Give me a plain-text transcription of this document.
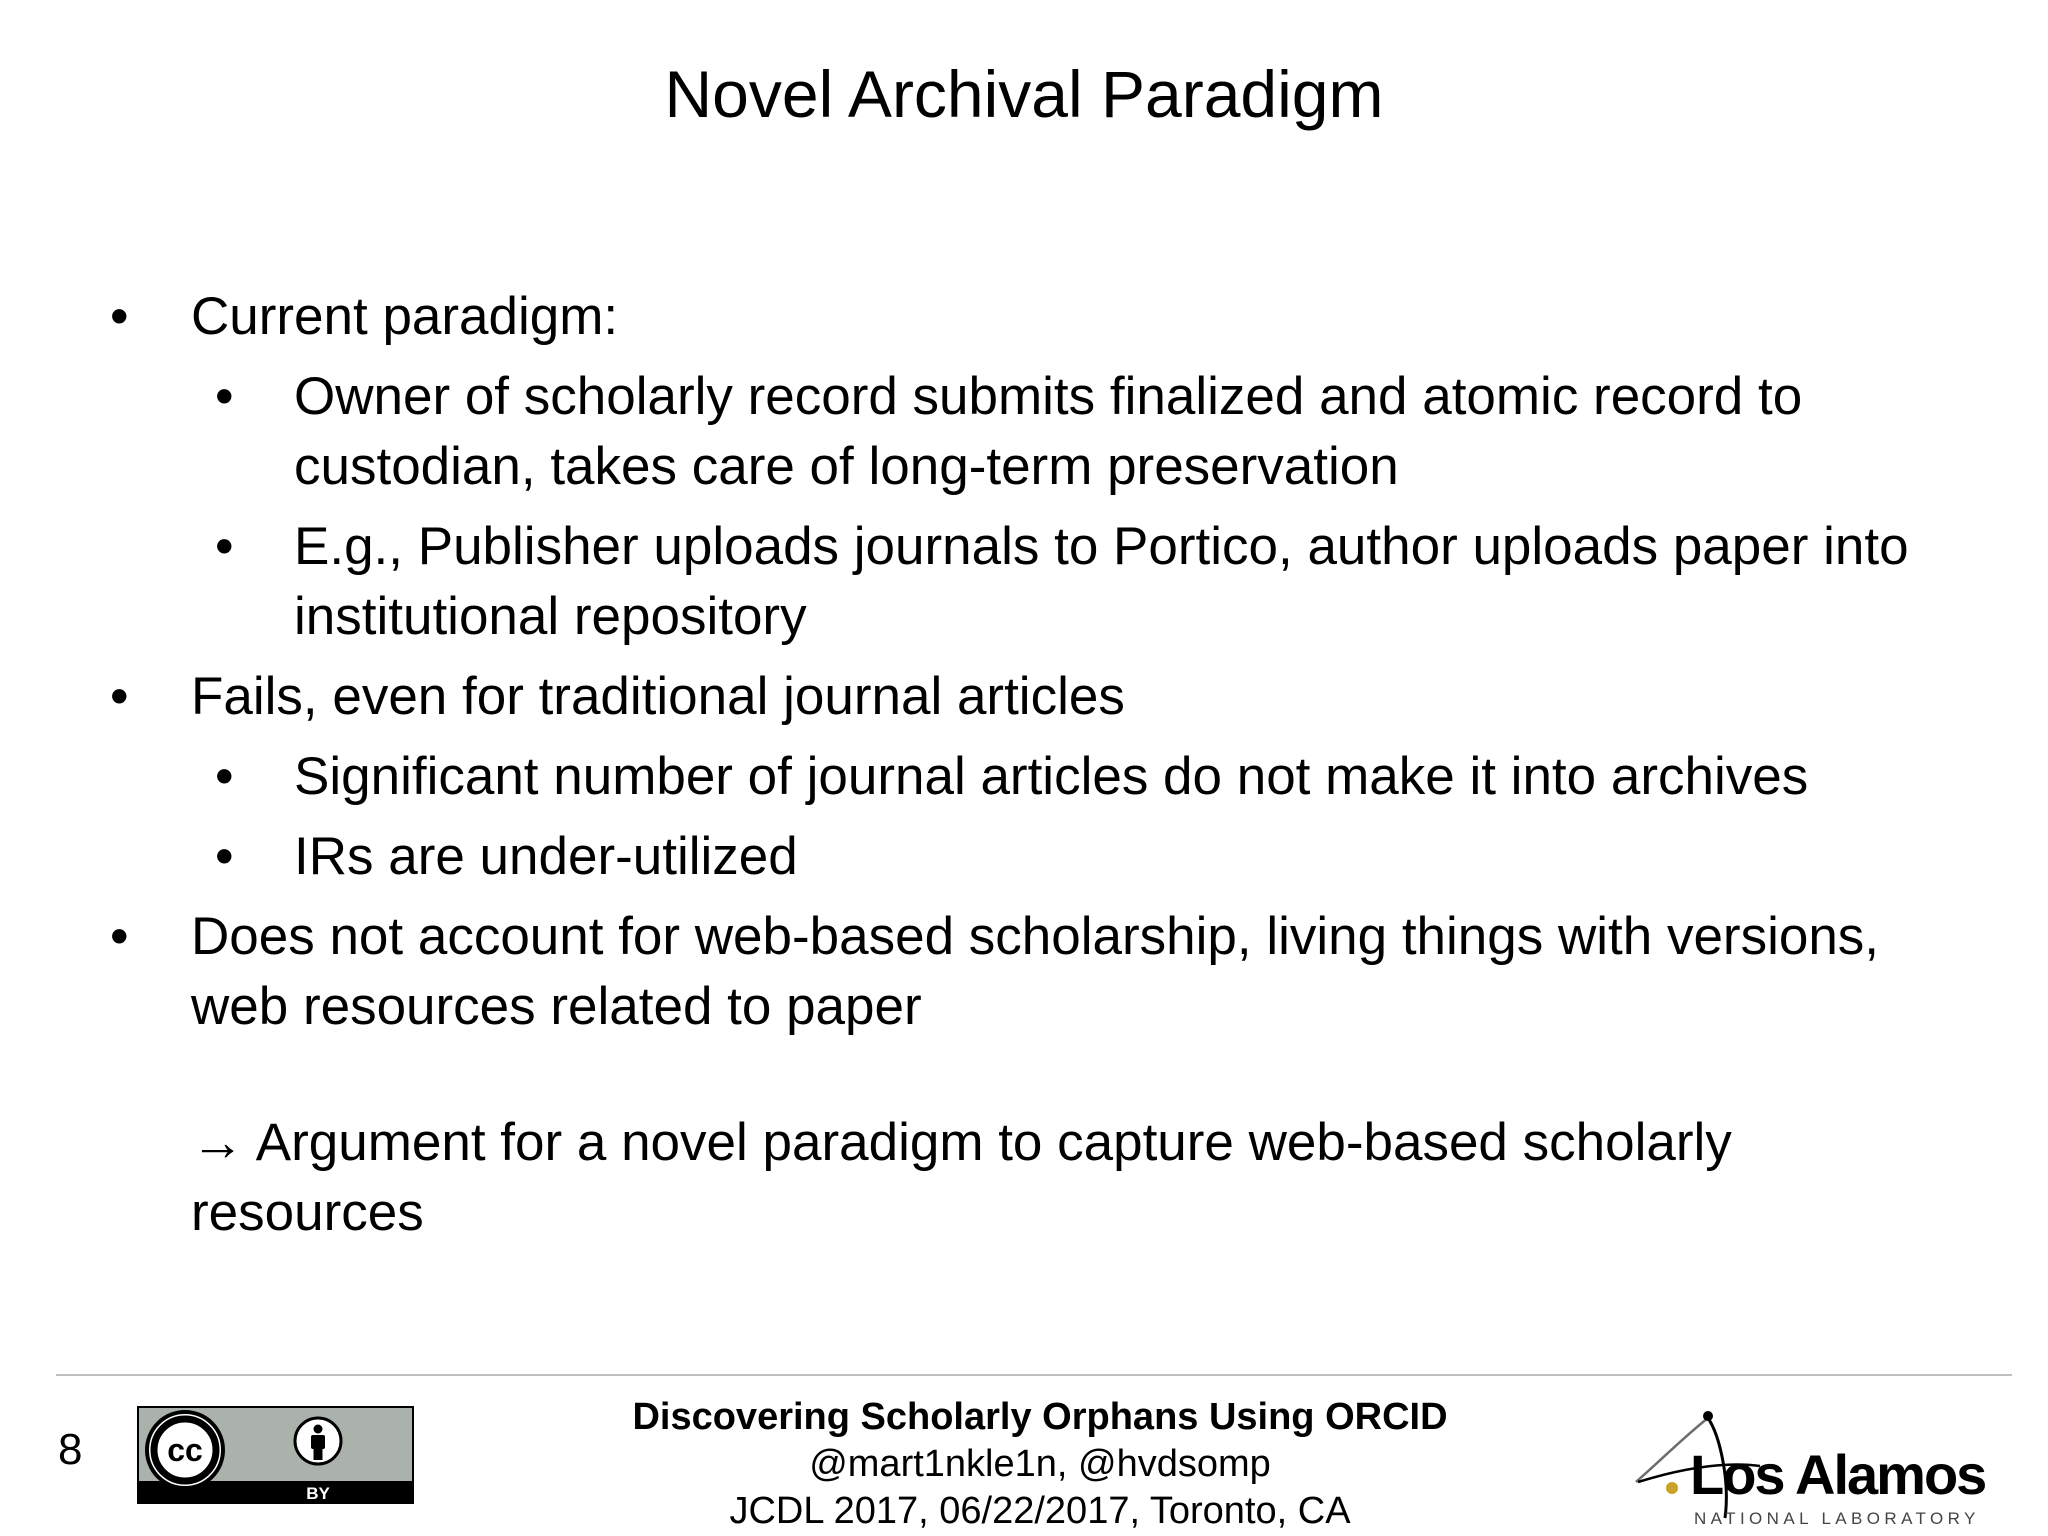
Novel Archival Paradigm
• Current paradigm:
• Owner of scholarly record submits finalized and atomic record to custodian, takes care of long-term preservation
• E.g., Publisher uploads journals to Portico, author uploads paper into institutional repository
• Fails, even for traditional journal articles
• Significant number of journal articles do not make it into archives
• IRs are under-utilized
• Does not account for web-based scholarship, living things with versions, web resources related to paper
→ Argument for a novel paradigm to capture web-based scholarly resources
8	cc
BY
Discovering Scholarly Orphans Using ORCID
@mart1nkle1n, @hvdsomp
JCDL 2017, 06/22/2017, Toronto, CA
Los Alamos
NATIONAL LABORATORY
